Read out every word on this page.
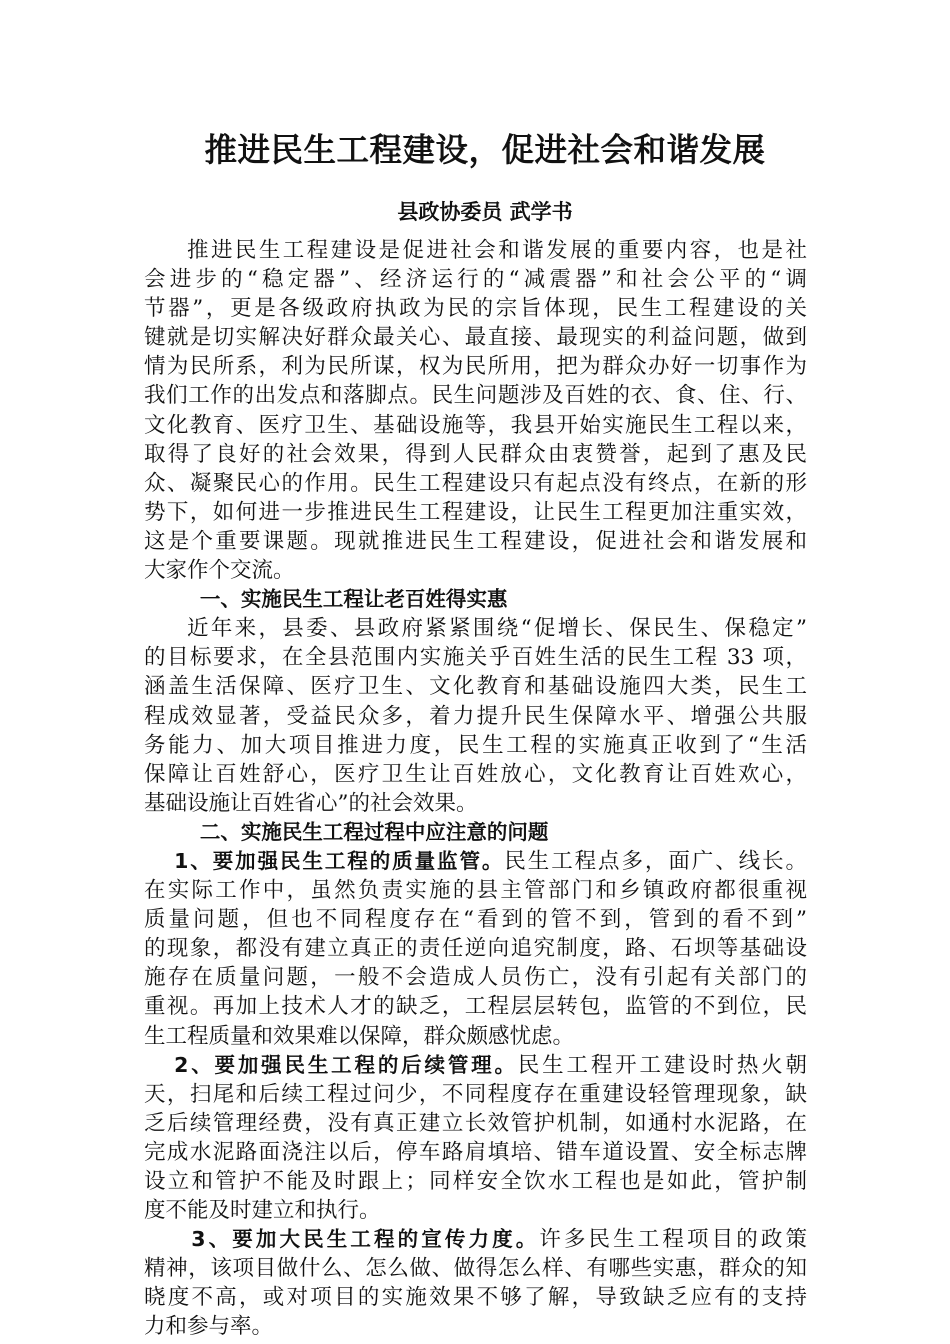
推进民生工程建设，促进社会和谐发展
县政协委员 武学书
推进民生工程建设是促进社会和谐发展的重要内容，也是社
会进步的“稳定器”、经济运行的“减震器”和社会公平的“调
节器”，更是各级政府执政为民的宗旨体现，民生工程建设的关
键就是切实解决好群众最关心、最直接、最现实的利益问题，做到
情为民所系，利为民所谋，权为民所用，把为群众办好一切事作为
我们工作的出发点和落脚点。民生问题涉及百姓的衣、食、住、行、
文化教育、医疗卫生、基础设施等，我县开始实施民生工程以来，
取得了良好的社会效果，得到人民群众由衷赞誉，起到了惠及民
众、凝聚民心的作用。民生工程建设只有起点没有终点，在新的形
势下，如何进一步推进民生工程建设，让民生工程更加注重实效，
这是个重要课题。现就推进民生工程建设，促进社会和谐发展和
大家作个交流。
一、实施民生工程让老百姓得实惠
近年来，县委、县政府紧紧围绕“促增长、保民生、保稳定”
的目标要求，在全县范围内实施关乎百姓生活的民生工程 33 项，
涵盖生活保障、医疗卫生、文化教育和基础设施四大类，民生工
程成效显著，受益民众多，着力提升民生保障水平、增强公共服
务能力、加大项目推进力度，民生工程的实施真正收到了“生活
保障让百姓舒心，医疗卫生让百姓放心，文化教育让百姓欢心，
基础设施让百姓省心”的社会效果。
二、实施民生工程过程中应注意的问题
1、要加强民生工程的质量监管。民生工程点多，面广、线长。
在实际工作中，虽然负责实施的县主管部门和乡镇政府都很重视
质量问题，但也不同程度存在“看到的管不到，管到的看不到”
的现象，都没有建立真正的责任逆向追究制度，路、石坝等基础设
施存在质量问题，一般不会造成人员伤亡，没有引起有关部门的
重视。再加上技术人才的缺乏，工程层层转包，监管的不到位，民
生工程质量和效果难以保障，群众颇感忧虑。
2、要加强民生工程的后续管理。民生工程开工建设时热火朝
天，扫尾和后续工程过问少，不同程度存在重建设轻管理现象，缺
乏后续管理经费，没有真正建立长效管护机制，如通村水泥路，在
完成水泥路面浇注以后，停车路肩填培、错车道设置、安全标志牌
设立和管护不能及时跟上；同样安全饮水工程也是如此，管护制
度不能及时建立和执行。
3、要加大民生工程的宣传力度。许多民生工程项目的政策
精神，该项目做什么、怎么做、做得怎么样、有哪些实惠，群众的知
晓度不高，或对项目的实施效果不够了解，导致缺乏应有的支持
力和参与率。
